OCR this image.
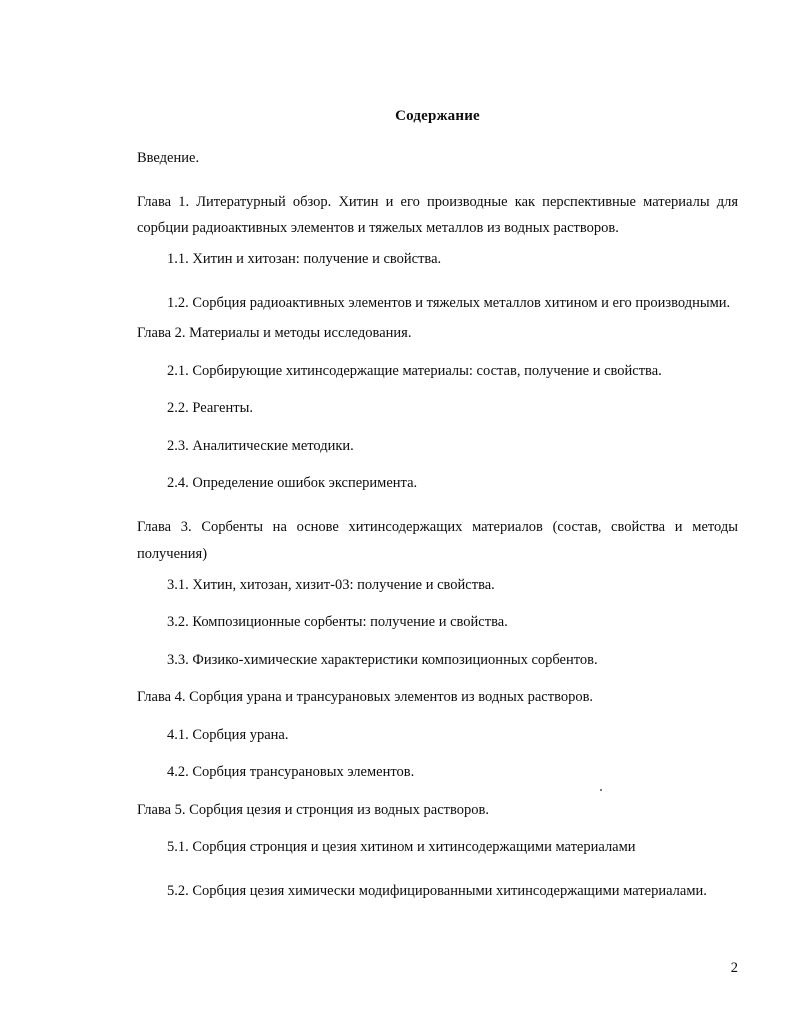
Содержание
Введение.
Глава 1. Литературный обзор. Хитин и его производные как перспективные материалы для сорбции радиоактивных элементов и тяжелых металлов из водных растворов.
1.1. Хитин и хитозан: получение и свойства.
1.2. Сорбция радиоактивных элементов и тяжелых металлов хитином и его производными.
Глава 2. Материалы и методы исследования.
2.1. Сорбирующие хитинсодержащие материалы: состав, получение и свойства.
2.2. Реагенты.
2.3. Аналитические методики.
2.4. Определение ошибок эксперимента.
Глава 3. Сорбенты на основе хитинсодержащих материалов (состав, свойства и методы получения)
3.1. Хитин, хитозан, хизит-03: получение и свойства.
3.2. Композиционные сорбенты: получение и свойства.
3.3. Физико-химические характеристики композиционных сорбентов.
Глава 4. Сорбция урана и трансурановых элементов из водных растворов.
4.1. Сорбция урана.
4.2. Сорбция трансурановых элементов.
Глава 5. Сорбция цезия и стронция из водных растворов.
5.1. Сорбция стронция и цезия хитином и хитинсодержащими материалами
5.2. Сорбция цезия химически модифицированными хитинсодержащими материалами.
2
